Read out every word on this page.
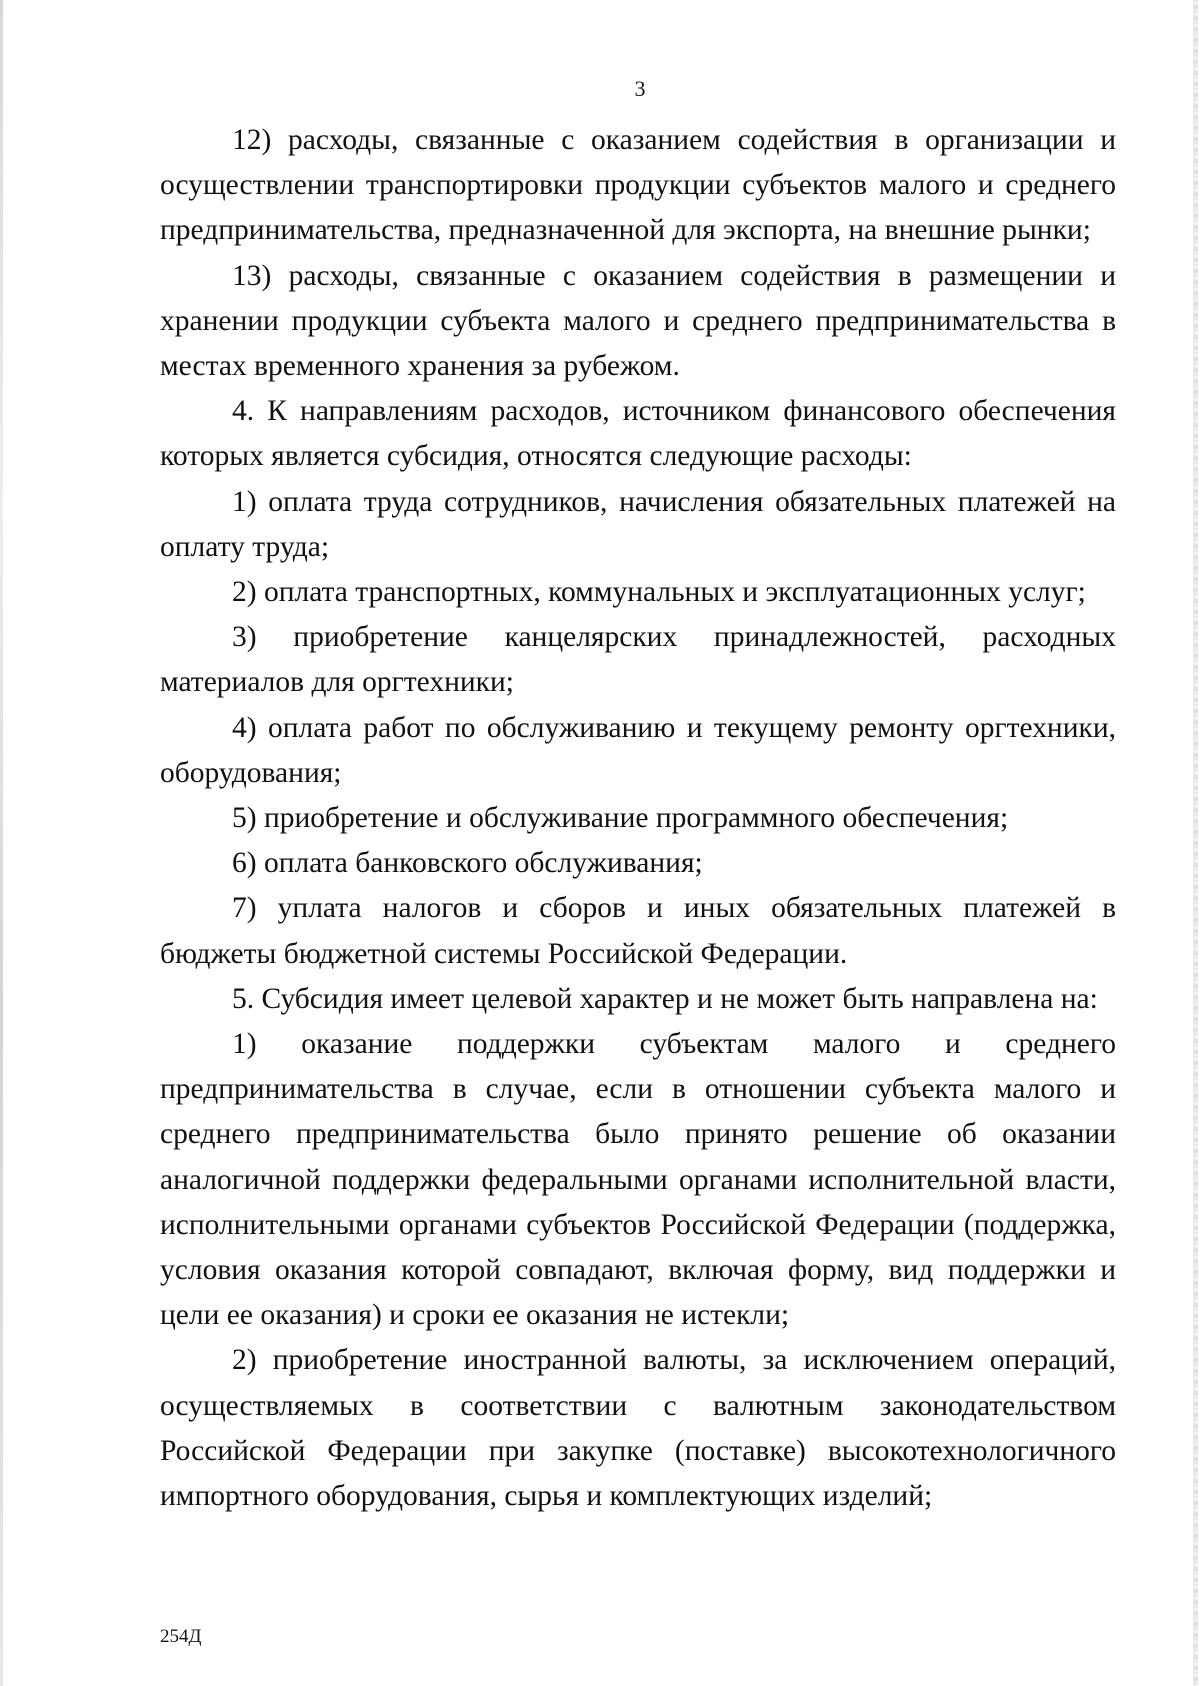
3

12) расходы, связанные с оказанием содействия в организации и осуществлении транспортировки продукции субъектов малого и среднего предпринимательства, предназначенной для экспорта, на внешние рынки;

13) расходы, связанные с оказанием содействия в размещении и хранении продукции субъекта малого и среднего предпринимательства в местах временного хранения за рубежом.

4. К направлениям расходов, источником финансового обеспечения которых является субсидия, относятся следующие расходы:

1) оплата труда сотрудников, начисления обязательных платежей на оплату труда;

2) оплата транспортных, коммунальных и эксплуатационных услуг;

3) приобретение канцелярских принадлежностей, расходных материалов для оргтехники;

4) оплата работ по обслуживанию и текущему ремонту оргтехники, оборудования;

5) приобретение и обслуживание программного обеспечения;

6) оплата банковского обслуживания;

7) уплата налогов и сборов и иных обязательных платежей в бюджеты бюджетной системы Российской Федерации.

5. Субсидия имеет целевой характер и не может быть направлена на:

1) оказание поддержки субъектам малого и среднего предпринимательства в случае, если в отношении субъекта малого и среднего предпринимательства было принято решение об оказании аналогичной поддержки федеральными органами исполнительной власти, исполнительными органами субъектов Российской Федерации (поддержка, условия оказания которой совпадают, включая форму, вид поддержки и цели ее оказания) и сроки ее оказания не истекли;

2) приобретение иностранной валюты, за исключением операций, осуществляемых в соответствии с валютным законодательством Российской Федерации при закупке (поставке) высокотехнологичного импортного оборудования, сырья и комплектующих изделий;

254Д
